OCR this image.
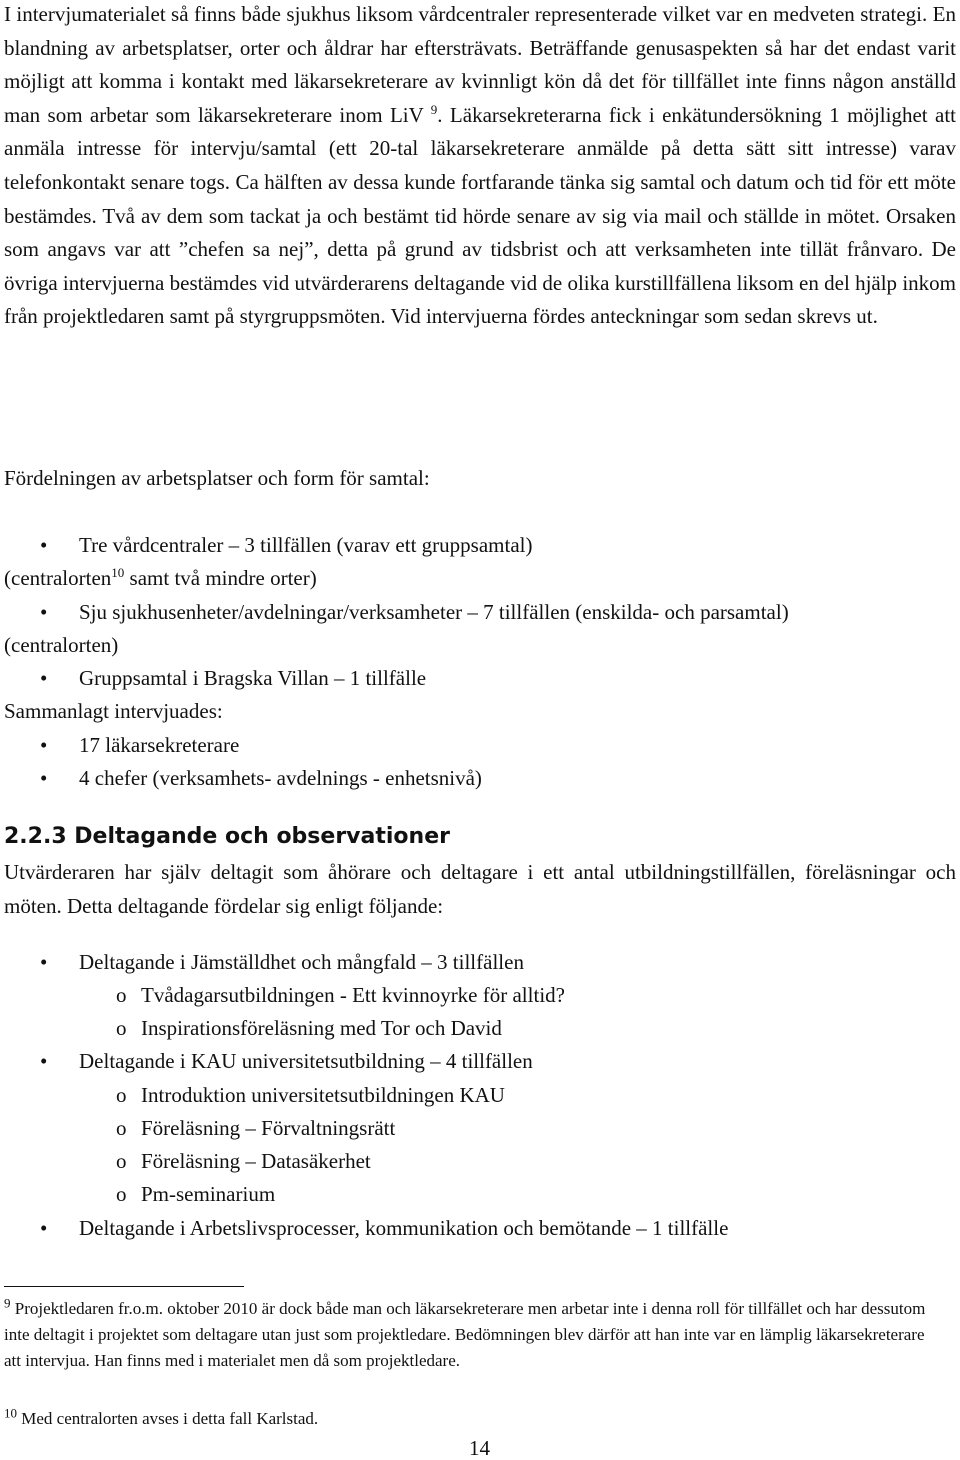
I intervjumaterialet så finns både sjukhus liksom vårdcentraler representerade vilket var en medveten strategi. En blandning av arbetsplatser, orter och åldrar har eftersträvats. Beträffande genusaspekten så har det endast varit möjligt att komma i kontakt med läkarsekreterare av kvinnligt kön då det för tillfället inte finns någon anställd man som arbetar som läkarsekreterare inom LiV $^9$. Läkarsekreterarna fick i enkätundersökning 1 möjlighet att anmäla intresse för intervju/samtal (ett 20-tal läkarsekreterare anmälde på detta sätt sitt intresse) varav telefonkontakt senare togs. Ca hälften av dessa kunde fortfarande tänka sig samtal och datum och tid för ett möte bestämdes. Två av dem som tackat ja och bestämt tid hörde senare av sig via mail och ställde in mötet. Orsaken som angavs var att ”chefen sa nej”, detta på grund av tidsbrist och att verksamheten inte tillät frånvaro. De övriga intervjuerna bestämdes vid utvärderarens deltagande vid de olika kurstillfällena liksom en del hjälp inkom från projektledaren samt på styrgruppsmöten. Vid intervjuerna fördes anteckningar som sedan skrevs ut.

Fördelningen av arbetsplatser och form för samtal:

• Tre vårdcentraler – 3 tillfällen (varav ett gruppsamtal)

(centralorten$^{10}$ samt två mindre orter)

• Sju sjukhusenheter/avdelningar/verksamheter – 7 tillfällen (enskilda- och parsamtal)

(centralorten)

• Gruppsamtal i Bragska Villan – 1 tillfälle

Sammanlagt intervjuades:

• 17 läkarsekreterare
• 4 chefer (verksamhets- avdelnings - enhetsnivå)
2.2.3 Deltagande och observationer

Utvärderaren har själv deltagit som åhörare och deltagare i ett antal utbildningstillfällen, föreläsningar och möten. Detta deltagande fördelar sig enligt följande:

• Deltagande i Jämställdhet och mångfald – 3 tillfällen
o Tvådagarsutbildningen - Ett kvinnoyrke för alltid?
o Inspirationsföreläsning med Tor och David
• Deltagande i KAU universitetsutbildning – 4 tillfällen
o Introduktion universitetsutbildningen KAU
o Föreläsning – Förvaltningsrätt
o Föreläsning – Datasäkerhet
o Pm-seminarium
• Deltagande i Arbetslivsprocesser, kommunikation och bemötande – 1 tillfälle

$^9$ Projektledaren fr.o.m. oktober 2010 är dock både man och läkarsekreterare men arbetar inte i denna roll för tillfället och har dessutom inte deltagit i projektet som deltagare utan just som projektledare. Bedömningen blev därför att han inte var en lämplig läkarsekreterare att intervjua. Han finns med i materialet men då som projektledare.

$^{10}$ Med centralorten avses i detta fall Karlstad.

14
